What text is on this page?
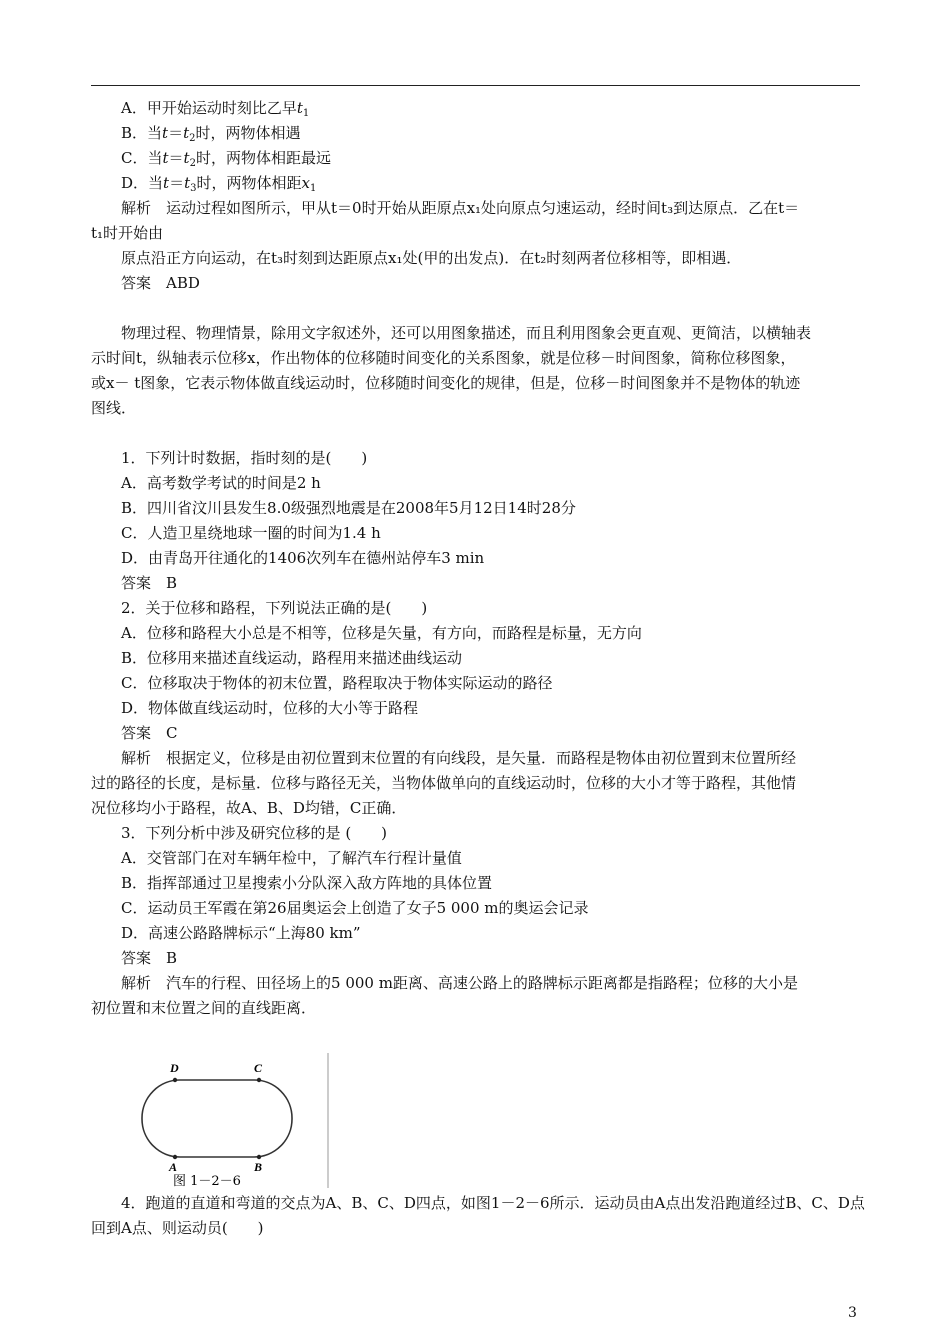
A．甲开始运动时刻比乙早$t_1$
B．当$t=t_2$时，两物体相遇
C．当$t=t_2$时，两物体相距最远
D．当$t=t_3$时，两物体相距$x_1$
解析　运动过程如图所示，甲从t＝0时开始从距原点x₁处向原点匀速运动，经时间t₃到达原点．乙在t＝
t₁时开始由
原点沿正方向运动，在t₃时刻到达距原点x₁处(甲的出发点)．在t₂时刻两者位移相等，即相遇．
答案　ABD
物理过程、物理情景，除用文字叙述外，还可以用图象描述，而且利用图象会更直观、更简洁，以横轴表
示时间t，纵轴表示位移x，作出物体的位移随时间变化的关系图象，就是位移－时间图象，简称位移图象，
或x－ t图象，它表示物体做直线运动时，位移随时间变化的规律，但是，位移－时间图象并不是物体的轨迹
图线．
1．下列计时数据，指时刻的是(　　)
A．高考数学考试的时间是2 h
B．四川省汶川县发生8.0级强烈地震是在2008年5月12日14时28分
C．人造卫星绕地球一圈的时间为1.4 h
D．由青岛开往通化的1406次列车在德州站停车3 min
答案　B
2．关于位移和路程，下列说法正确的是(　　)
A．位移和路程大小总是不相等，位移是矢量，有方向，而路程是标量，无方向
B．位移用来描述直线运动，路程用来描述曲线运动
C．位移取决于物体的初末位置，路程取决于物体实际运动的路径
D．物体做直线运动时，位移的大小等于路程
答案　C
解析　根据定义，位移是由初位置到末位置的有向线段，是矢量．而路程是物体由初位置到末位置所经
过的路径的长度，是标量．位移与路径无关，当物体做单向的直线运动时，位移的大小才等于路程，其他情
况位移均小于路程，故A、B、D均错，C正确．
3．下列分析中涉及研究位移的是 (　　)
A．交管部门在对车辆年检中，了解汽车行程计量值
B．指挥部通过卫星搜索小分队深入敌方阵地的具体位置
C．运动员王军霞在第26届奥运会上创造了女子5 000 m的奥运会记录
D．高速公路路牌标示“上海80 km”
答案　B
解析　汽车的行程、田径场上的5 000 m距离、高速公路上的路牌标示距离都是指路程；位移的大小是
初位置和末位置之间的直线距离．
D	C
A	B
图 1－2－6
4．跑道的直道和弯道的交点为A、B、C、D四点，如图1－2－6所示．运动员由A点出发沿跑道经过B、C、D点
回到A点、则运动员(　　)
3
